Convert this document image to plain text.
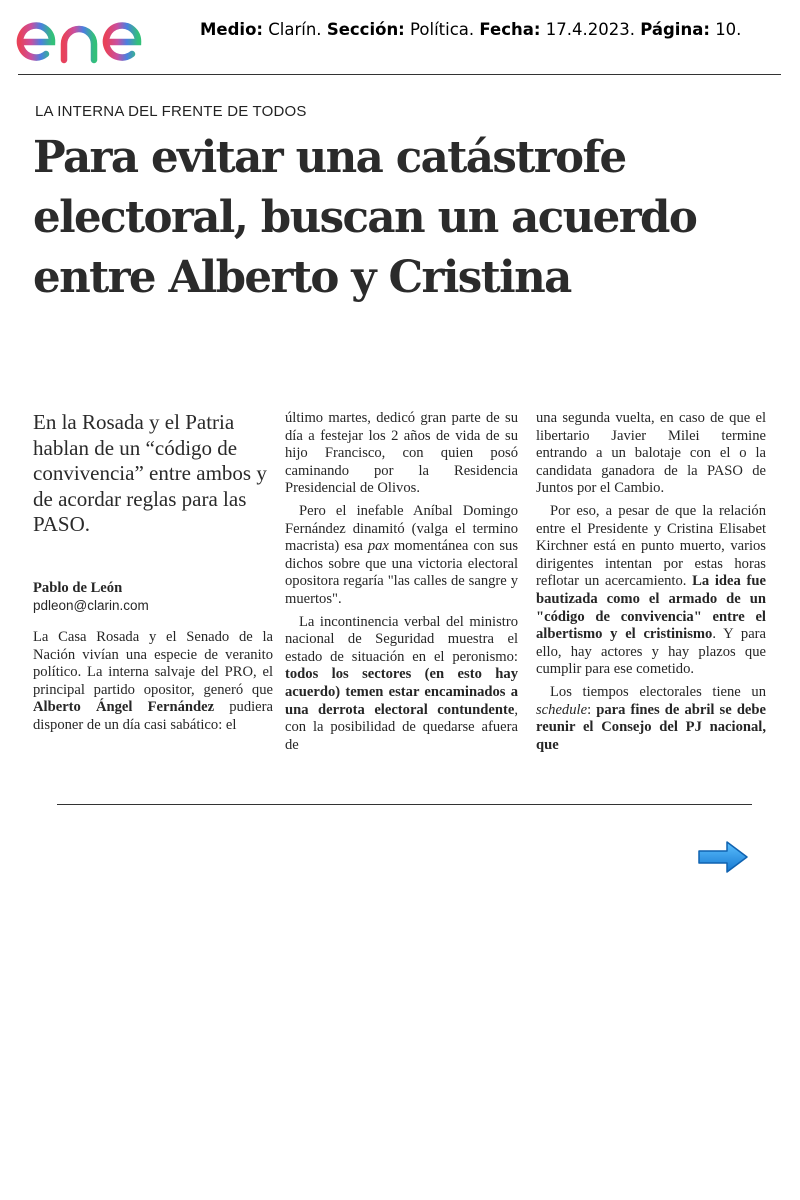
Medio: Clarín. Sección: Política. Fecha: 17.4.2023. Página: 10.
LA INTERNA DEL FRENTE DE TODOS
Para evitar una catástrofe
electoral, buscan un acuerdo
entre Alberto y Cristina
En la Rosada y el Patria hablan de un “código de convivencia” entre ambos y de acordar reglas para las PASO.
Pablo de León
pdleon@clarin.com

La Casa Rosada y el Senado de la Nación vivían una especie de veranito político. La interna salvaje del PRO, el principal partido opositor, generó que Alberto Ángel Fernández pudiera disponer de un día casi sabático: el

último martes, dedicó gran parte de su día a festejar los 2 años de vida de su hijo Francisco, con quien posó caminando por la Residencia Presidencial de Olivos.

Pero el inefable Aníbal Domingo Fernández dinamitó (valga el termino macrista) esa pax momentánea con sus dichos sobre que una victoria electoral opositora regaría "las calles de sangre y muertos".

La incontinencia verbal del ministro nacional de Seguridad muestra el estado de situación en el peronismo: todos los sectores (en esto hay acuerdo) temen estar encaminados a una derrota electoral contundente, con la posibilidad de quedarse afuera de

una segunda vuelta, en caso de que el libertario Javier Milei termine entrando a un balotaje con el o la candidata ganadora de la PASO de Juntos por el Cambio.

Por eso, a pesar de que la relación entre el Presidente y Cristina Elisabet Kirchner está en punto muerto, varios dirigentes intentan por estas horas reflotar un acercamiento. La idea fue bautizada como el armado de un "código de convivencia" entre el albertismo y el cristinismo. Y para ello, hay actores y hay plazos que cumplir para ese cometido.

Los tiempos electorales tiene un schedule: para fines de abril se debe reunir el Consejo del PJ nacional, que
